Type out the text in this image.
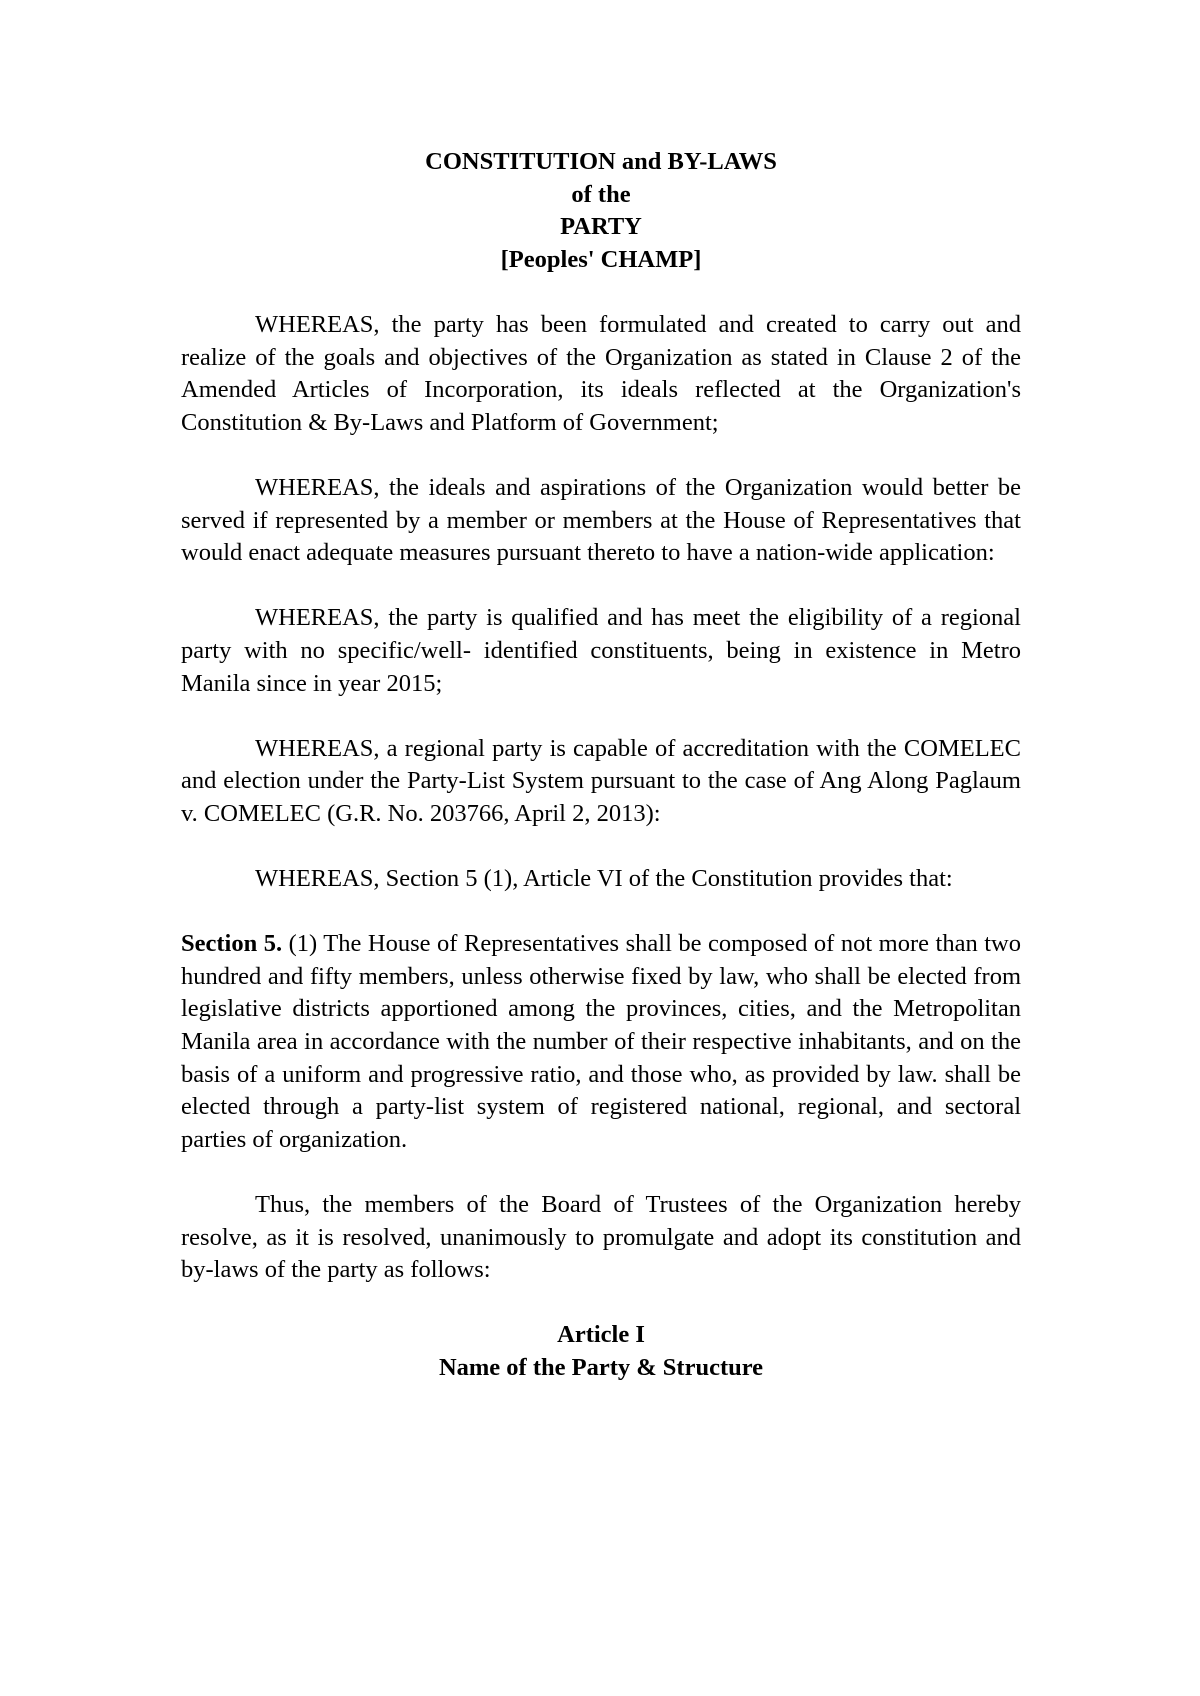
CONSTITUTION and BY-LAWS
of the
PARTY
[Peoples' CHAMP]

WHEREAS, the party has been formulated and created to carry out and realize of the goals and objectives of the Organization as stated in Clause 2 of the Amended Articles of Incorporation, its ideals reflected at the Organization's Constitution & By-Laws and Platform of Government;

WHEREAS, the ideals and aspirations of the Organization would better be served if represented by a member or members at the House of Representatives that would enact adequate measures pursuant thereto to have a nation-wide application:

WHEREAS, the party is qualified and has meet the eligibility of a regional party with no specific/well- identified constituents, being in existence in Metro Manila since in year 2015;

WHEREAS, a regional party is capable of accreditation with the COMELEC and election under the Party-List System pursuant to the case of Ang Along Paglaum v. COMELEC (G.R. No. 203766, April 2, 2013):

WHEREAS, Section 5 (1), Article VI of the Constitution provides that:

Section 5. (1) The House of Representatives shall be composed of not more than two hundred and fifty members, unless otherwise fixed by law, who shall be elected from legislative districts apportioned among the provinces, cities, and the Metropolitan Manila area in accordance with the number of their respective inhabitants, and on the basis of a uniform and progressive ratio, and those who, as provided by law. shall be elected through a party-list system of registered national, regional, and sectoral parties of organization.

Thus, the members of the Board of Trustees of the Organization hereby resolve, as it is resolved, unanimously to promulgate and adopt its constitution and by-laws of the party as follows:

Article I
Name of the Party & Structure
